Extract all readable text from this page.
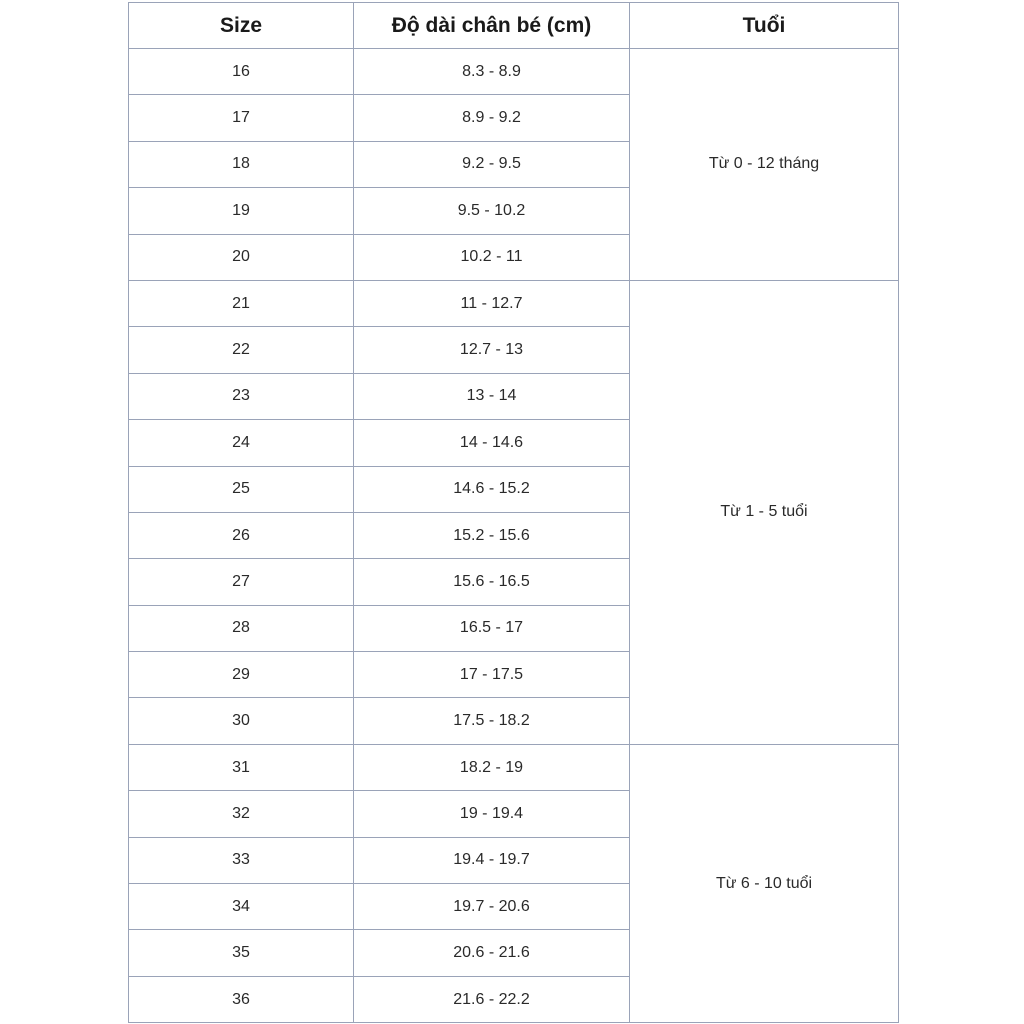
Size	Độ dài chân bé (cm)	Tuổi
16	8.3 - 8.9	Từ 0 - 12 tháng
17	8.9 - 9.2	
18	9.2 - 9.5	
19	9.5 - 10.2	
20	10.2 - 11	
21	11 - 12.7	Từ 1 - 5 tuổi
22	12.7 - 13	
23	13 - 14	
24	14 - 14.6	
25	14.6 - 15.2	
26	15.2 - 15.6	
27	15.6 - 16.5	
28	16.5 - 17	
29	17 - 17.5	
30	17.5 - 18.2	
31	18.2 - 19	Từ 6 - 10 tuổi
32	19 - 19.4	
33	19.4 - 19.7	
34	19.7 - 20.6	
35	20.6 - 21.6	
36	21.6 - 22.2	
